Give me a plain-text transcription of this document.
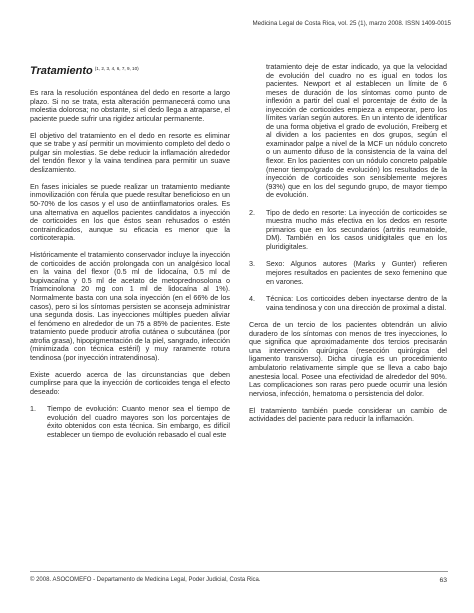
Medicina Legal de Costa Rica, vol. 25 (1), marzo 2008. ISSN 1409-0015
Tratamiento $^{(1, 2, 3, 4, 6, 7, 9, 10)}$

Es rara la resolución espontánea del dedo en resorte a largo plazo. Si no se trata, esta alteración permanecerá como una molestia dolorosa; no obstante, si el dedo llega a atraparse, el paciente puede sufrir una rigidez articular permanente.

El objetivo del tratamiento en el dedo en resorte es eliminar que se trabe y así permitir un movimiento completo del dedo o pulgar sin molestias. Se debe reducir la inflamación alrededor del tendón flexor y la vaina tendínea para permitir un suave deslizamiento.

En fases iniciales se puede realizar un tratamiento mediante inmovilización con férula que puede resultar beneficioso en un 50-70% de los casos y el uso de antiinflamatorios orales. Es una alternativa en aquellos pacientes candidatos a inyección de corticoides en los que éstos sean rehusados o estén contraindicados, aunque su eficacia es menor que la corticoterapia.

Históricamente el tratamiento conservador incluye la inyección de corticoides de acción prolongada con un analgésico local en la vaina del flexor (0.5 ml de lidocaína, 0.5 ml de bupivacaína y 0.5 ml de acetato de metoprednosolona o Triamcinolona 20 mg con 1 ml de lidocaína al 1%). Normalmente basta con una sola inyección (en el 66% de los casos), pero si los síntomas persisten se aconseja administrar una segunda dosis. Las inyecciones múltiples pueden aliviar el fenómeno en alrededor de un 75 a 85% de pacientes. Este tratamiento puede producir atrofia cutánea o subcutánea (por atrofia grasa), hipopigmentación de la piel, sangrado, infección (minimizada con técnica estéril) y muy raramente rotura tendinosa (por inyección intratendinosa).

Existe acuerdo acerca de las circunstancias que deben cumplirse para que la inyección de corticoides tenga el efecto deseado:

1. Tiempo de evolución: Cuanto menor sea el tiempo de evolución del cuadro mayores son los porcentajes de éxito obtenidos con esta técnica. Sin embargo, es difícil establecer un tiempo de evolución rebasado el cual este
tratamiento deje de estar indicado, ya que la velocidad de evolución del cuadro no es igual en todos los pacientes. Newport et al establecen un límite de 6 meses de duración de los síntomas como punto de inflexión a partir del cual el porcentaje de éxito de la inyección de corticoides empieza a empeorar, pero los límites varían según autores. En un intento de identificar de una forma objetiva el grado de evolución, Freiberg et al dividen a los pacientes en dos grupos, según el examinador palpe a nivel de la MCF un nódulo concreto o un aumento difuso de la consistencia de la vaina del flexor. En los pacientes con un nódulo concreto palpable (menor tiempo/grado de evolución) los resultados de la inyección de corticoides son sensiblemente mejores (93%) que en los del segundo grupo, de mayor tiempo de evolución.
2. Tipo de dedo en resorte: La inyección de corticoides se muestra mucho más efectiva en los dedos en resorte primarios que en los secundarios (artritis reumatoide, DM). También en los casos unidigitales que en los pluridigitales.
3. Sexo: Algunos autores (Marks y Gunter) refieren mejores resultados en pacientes de sexo femenino que en varones.
4. Técnica: Los corticoides deben inyectarse dentro de la vaina tendinosa y con una dirección de proximal a distal.

Cerca de un tercio de los pacientes obtendrán un alivio duradero de los síntomas con menos de tres inyecciones, lo que significa que aproximadamente dos tercios precisarán una intervención quirúrgica (resección quirúrgica del ligamento transverso). Dicha cirugía es un procedimiento ambulatorio relativamente simple que se lleva a cabo bajo anestesia local. Posee una efectividad de alrededor del 90%. Las complicaciones son raras pero puede ocurrir una lesión nerviosa, infección, hematoma o persistencia del dolor.

El tratamiento también puede considerar un cambio de actividades del paciente para reducir la inflamación.

© 2008. ASOCOMEFO - Departamento de Medicina Legal, Poder Judicial, Costa Rica.	63
